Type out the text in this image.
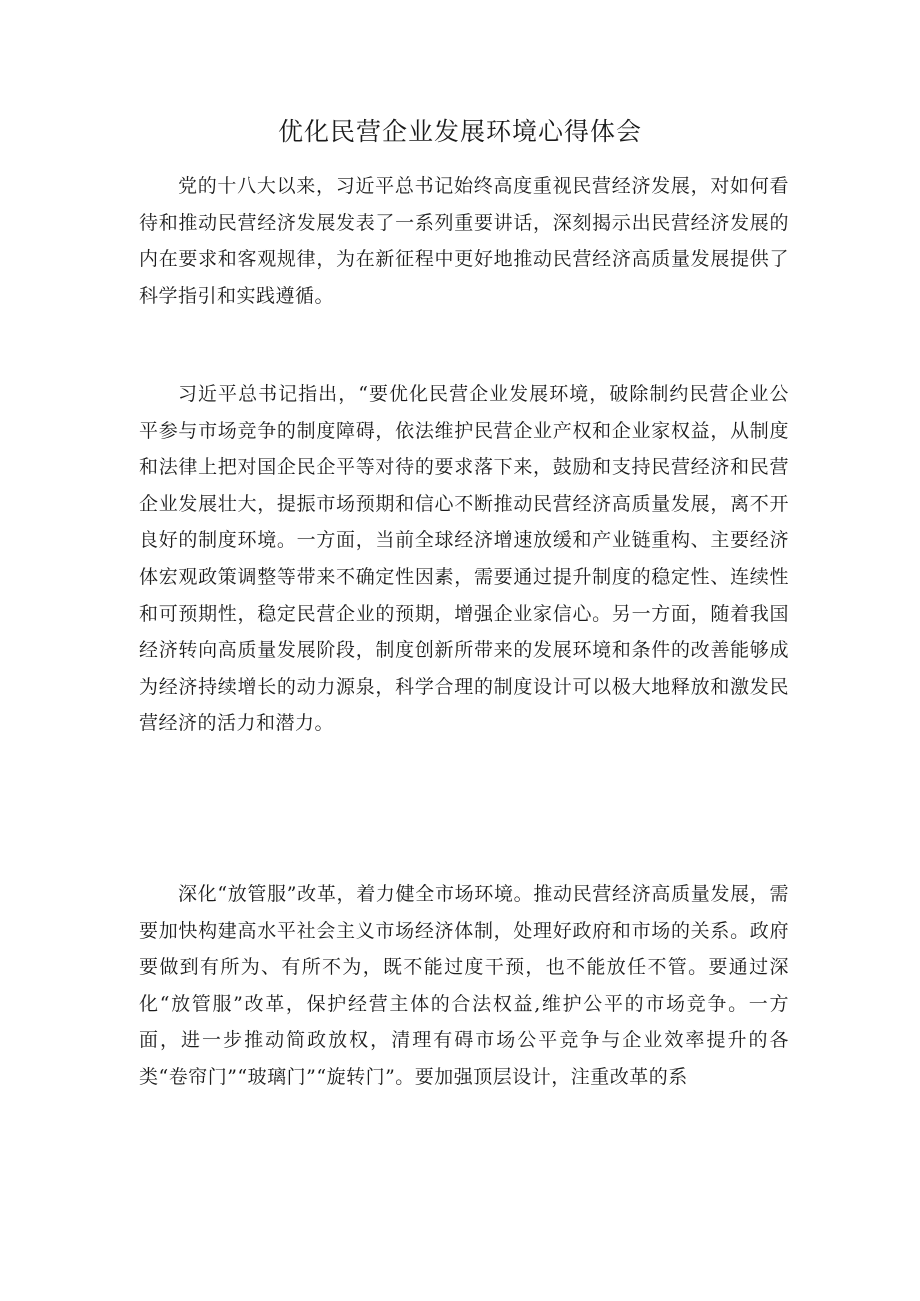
优化民营企业发展环境心得体会

党的十八大以来，习近平总书记始终高度重视民营经济发展，对如何看待和推动民营经济发展发表了一系列重要讲话，深刻揭示出民营经济发展的内在要求和客观规律，为在新征程中更好地推动民营经济高质量发展提供了科学指引和实践遵循。

习近平总书记指出，“要优化民营企业发展环境，破除制约民营企业公平参与市场竞争的制度障碍，依法维护民营企业产权和企业家权益，从制度和法律上把对国企民企平等对待的要求落下来，鼓励和支持民营经济和民营企业发展壮大，提振市场预期和信心不断推动民营经济高质量发展，离不开良好的制度环境。一方面，当前全球经济增速放缓和产业链重构、主要经济体宏观政策调整等带来不确定性因素，需要通过提升制度的稳定性、连续性和可预期性，稳定民营企业的预期，增强企业家信心。另一方面，随着我国经济转向高质量发展阶段，制度创新所带来的发展环境和条件的改善能够成为经济持续增长的动力源泉，科学合理的制度设计可以极大地释放和激发民营经济的活力和潜力。

深化“放管服”改革，着力健全市场环境。推动民营经济高质量发展，需要加快构建高水平社会主义市场经济体制，处理好政府和市场的关系。政府要做到有所为、有所不为，既不能过度干预，也不能放任不管。要通过深化“放管服”改革，保护经营主体的合法权益,维护公平的市场竞争。一方面，进一步推动简政放权，清理有碍市场公平竞争与企业效率提升的各类“卷帘门”“玻璃门”“旋转门”。要加强顶层设计，注重改革的系
